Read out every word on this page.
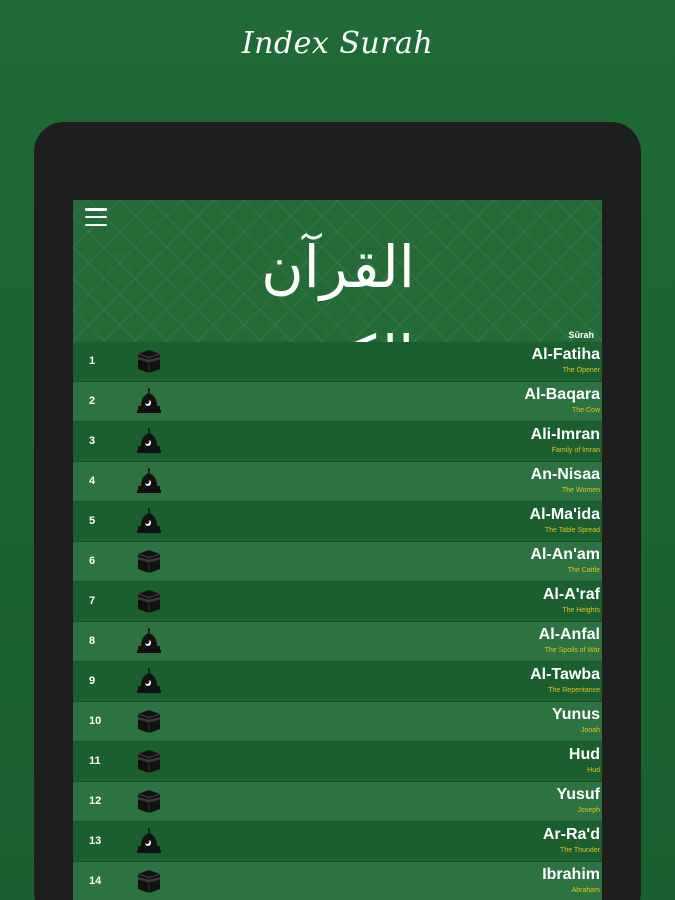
Index Surah
القرآن
Sūrah
1	Al-Fatiha
The Opener
2	Al-Baqara
The Cow
3	Ali-Imran
Family of Imran
4	An-Nisaa
The Women
5	Al-Ma'ida
The Table Spread
6	Al-An'am
The Cattle
7	Al-A'raf
The Heights
8	Al-Anfal
The Spoils of War
9	Al-Tawba
The Repentance
10	Yunus
Jonah
11	Hud
Hud
12	Yusuf
Joseph
13	Ar-Ra'd
The Thunder
14	Ibrahim
Abraham
